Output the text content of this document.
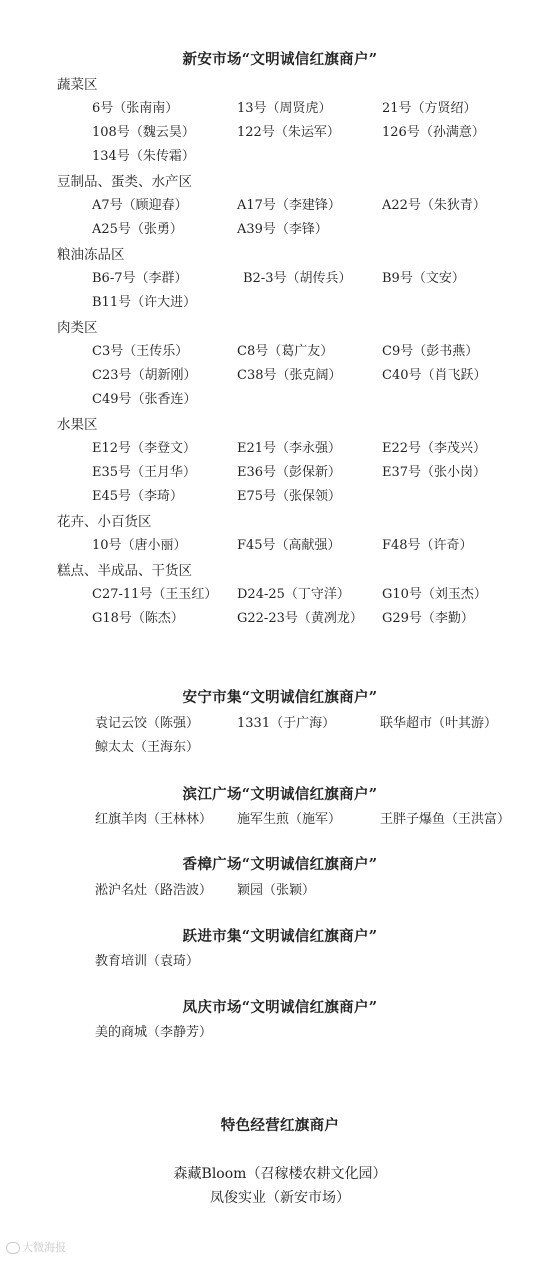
新安市场“文明诚信红旗商户”
蔬菜区
6号（张南南）	13号（周贤虎）	21号（方贤绍）
108号（魏云昊）	122号（朱运军）	126号（孙满意）
134号（朱传霜）
豆制品、蛋类、水产区
A7号（顾迎春）	A17号（李建锋）	A22号（朱狄青）
A25号（张勇）	A39号（李锋）
粮油冻品区
B6-7号（李群）	B2-3号（胡传兵） B9号（文安）
B11号（许大进）
肉类区
C3号（王传乐）	C8号（葛广友）	C9号（彭书燕）
C23号（胡新刚）	C38号（张克阔）	C40号（肖飞跃）
C49号（张香连）
水果区
E12号（李登文）	E21号（李永强）	E22号（李茂兴）
E35号（王月华）	E36号（彭保新）	E37号（张小岗）
E45号（李琦）	E75号（张保领）
花卉、小百货区
10号（唐小丽）	F45号（高献强）	F48号（许奇）
糕点、半成品、干货区
C27-11号（王玉红） D24-25（丁守洋） G10号（刘玉杰）
G18号（陈杰）	G22-23号（黄冽龙） G29号（李勤）
安宁市集“文明诚信红旗商户”
袁记云饺（陈强）	1331（于广海）	联华超市（叶其游）
鲸太太（王海东）
滨江广场“文明诚信红旗商户”
红旗羊肉（王林林） 施军生煎（施军）	王胖子爆鱼（王洪富）
香樟广场“文明诚信红旗商户”
淞沪名灶（路浩波） 颖园（张颖）
跃进市集“文明诚信红旗商户”
教育培训（袁琦）
凤庆市场“文明诚信红旗商户”
美的商城（李静芳）
特色经营红旗商户
森藏Bloom（召稼楼农耕文化园）
凤俊实业（新安市场）
大微海报
